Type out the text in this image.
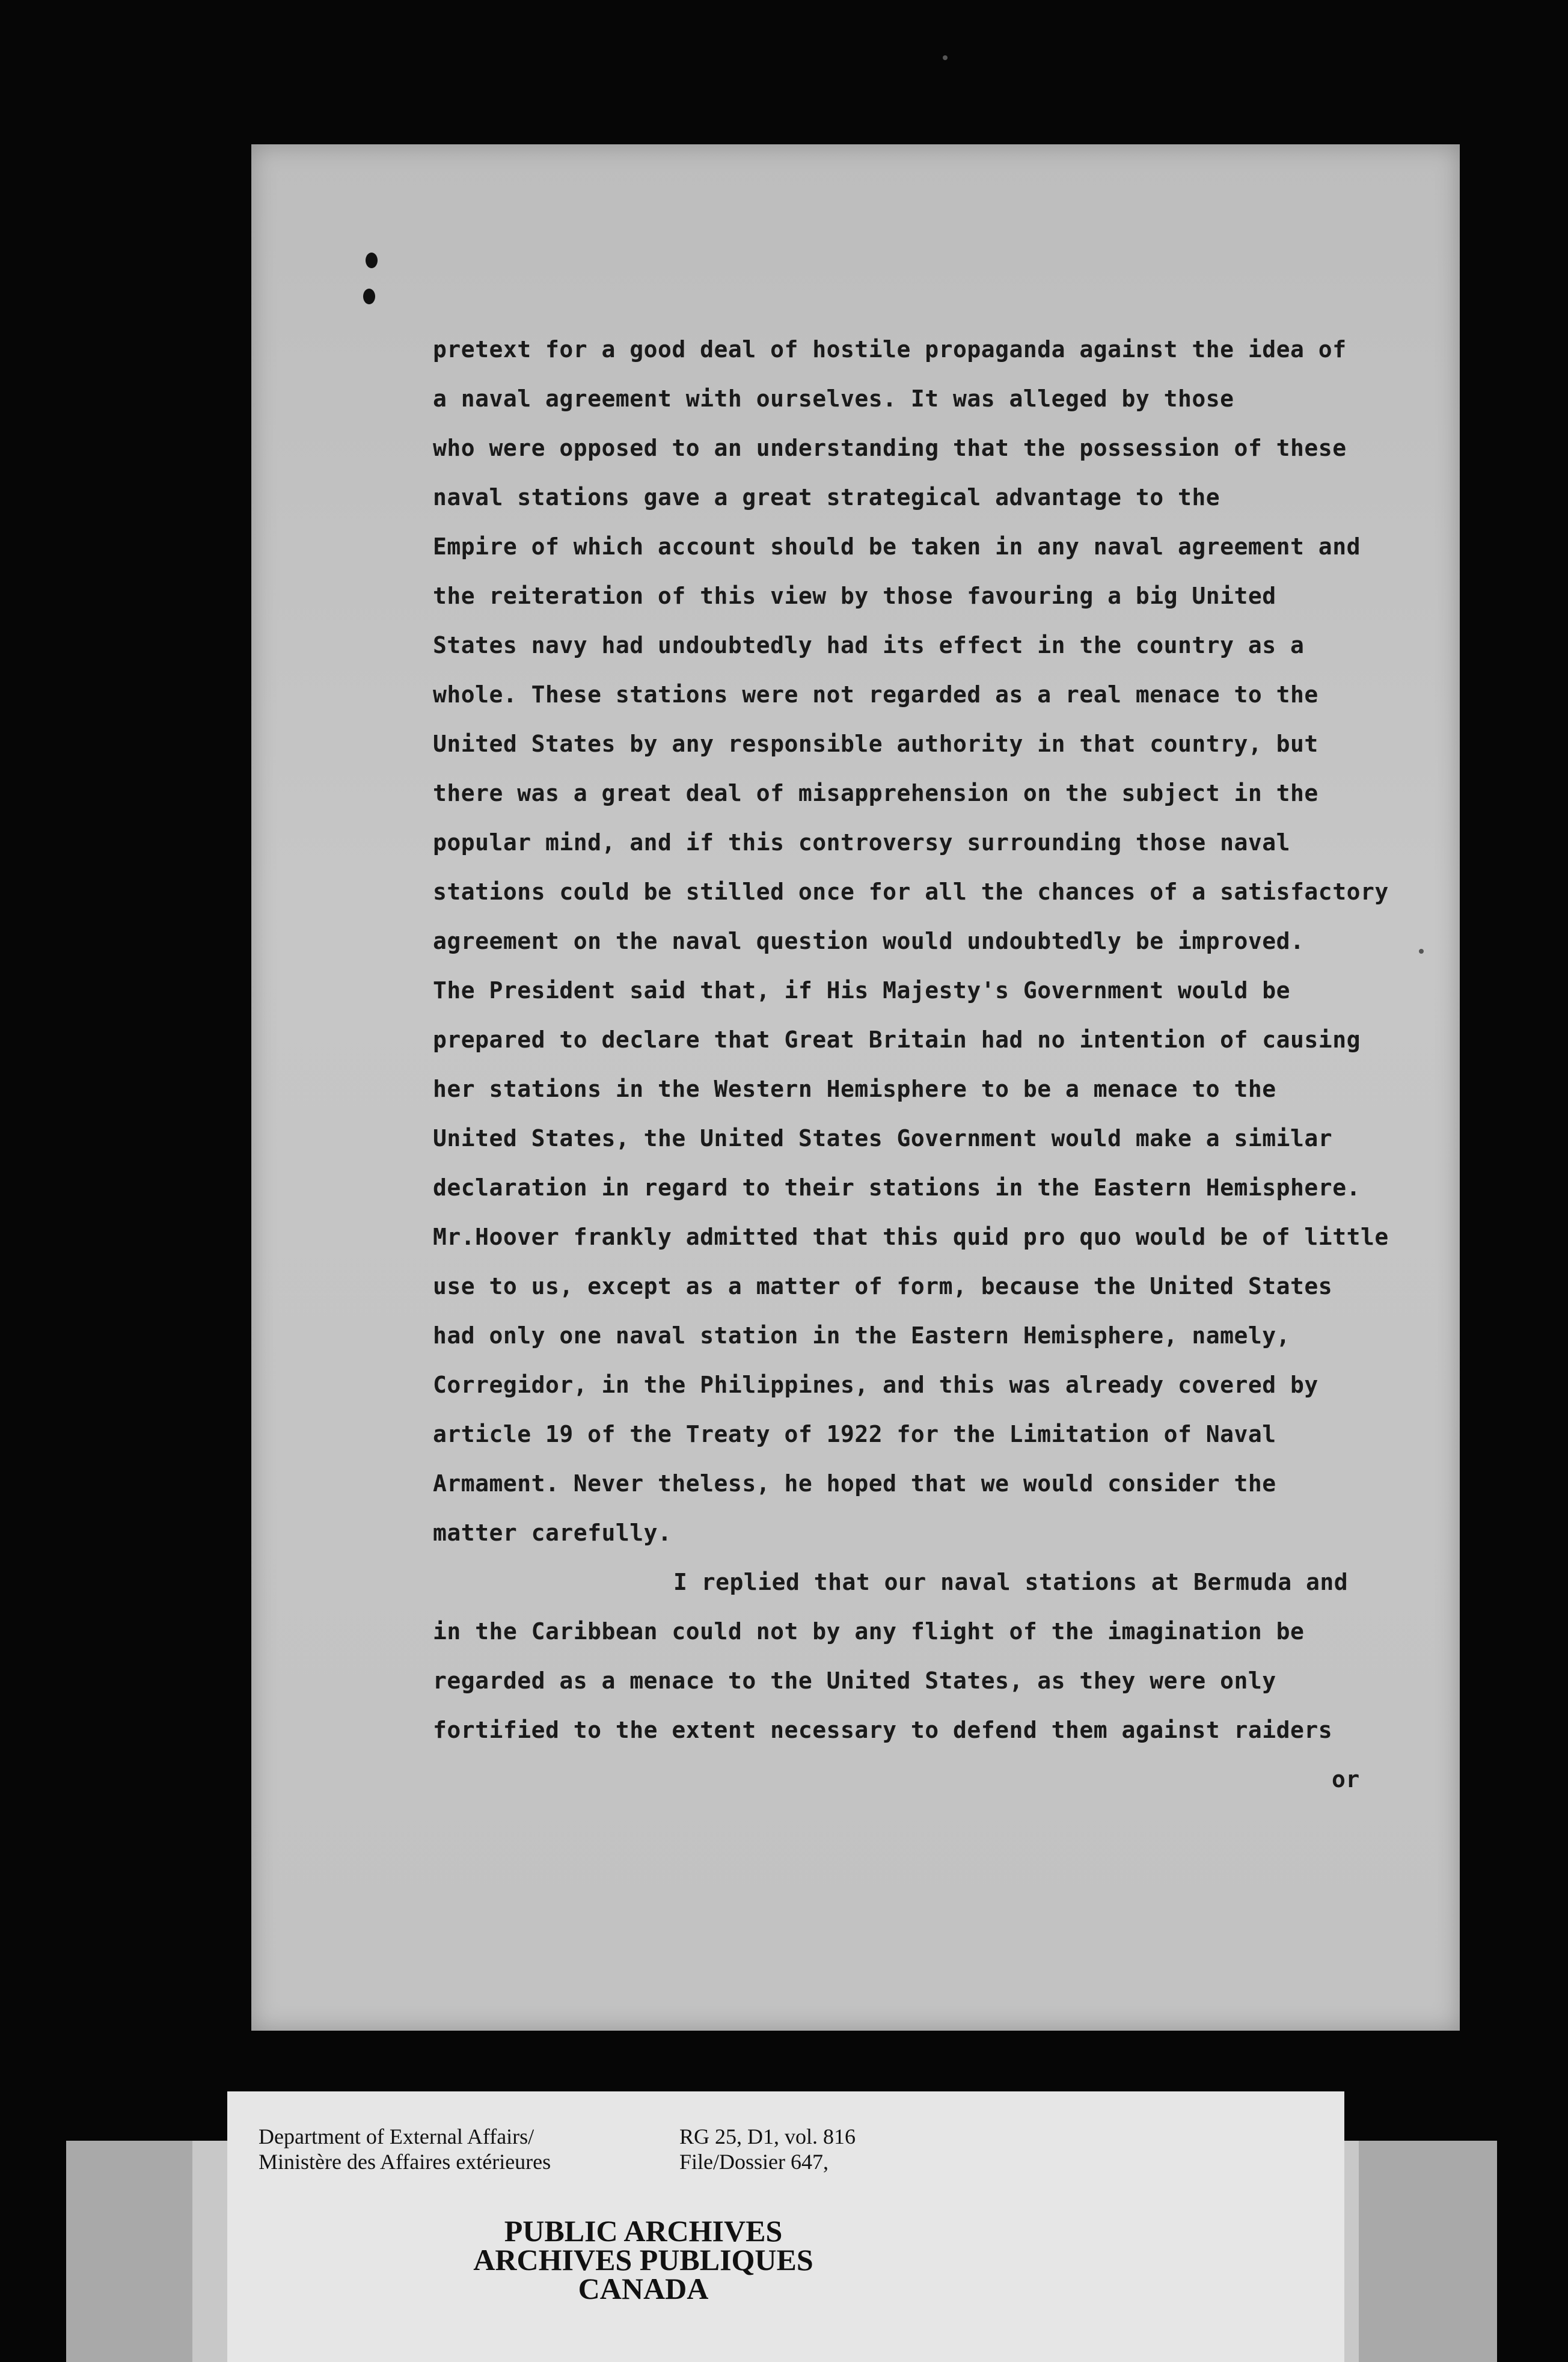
pretext for a good deal of hostile propaganda against the idea of
a naval agreement with ourselves. It was alleged by those
who were opposed to an understanding that the possession of these
naval stations gave a great strategical advantage to the
Empire of which account should be taken in any naval agreement and
the reiteration of this view by those favouring a big United
States navy had undoubtedly had its effect in the country as a
whole. These stations were not regarded as a real menace to the
United States by any responsible authority in that country, but
there was a great deal of misapprehension on the subject in the
popular mind, and if this controversy surrounding those naval
stations could be stilled once for all the chances of a satisfactory
agreement on the naval question would undoubtedly be improved.
The President said that, if His Majesty's Government would be
prepared to declare that Great Britain had no intention of causing
her stations in the Western Hemisphere to be a menace to the
United States, the United States Government would make a similar
declaration in regard to their stations in the Eastern Hemisphere.
Mr.Hoover frankly admitted that this quid pro quo would be of little
use to us, except as a matter of form, because the United States
had only one naval station in the Eastern Hemisphere, namely,
Corregidor, in the Philippines, and this was already covered by
article 19 of the Treaty of 1922 for the Limitation of Naval
Armament. Never theless, he hoped that we would consider the
matter carefully.
I replied that our naval stations at Bermuda and
in the Caribbean could not by any flight of the imagination be
regarded as a menace to the United States, as they were only
fortified to the extent necessary to defend them against raiders
or
Department of External Affairs/
Ministère des Affaires extérieures
RG 25, D1, vol. 816
File/Dossier 647,
PUBLIC ARCHIVES
ARCHIVES PUBLIQUES
CANADA
